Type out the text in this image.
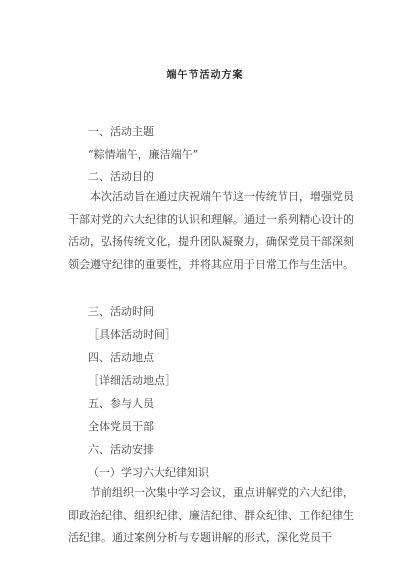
端午节活动方案
一、活动主题
“粽情端午，廉洁端午”
二、活动目的
本次活动旨在通过庆祝端午节这一传统节日，增强党员干部对党的六大纪律的认识和理解。通过一系列精心设计的活动，弘扬传统文化，提升团队凝聚力，确保党员干部深刻领会遵守纪律的重要性，并将其应用于日常工作与生活中。
三、活动时间
［具体活动时间］
四、活动地点
［详细活动地点］
五、参与人员
全体党员干部
六、活动安排
（一）学习六大纪律知识
节前组织一次集中学习会议，重点讲解党的六大纪律，即政治纪律、组织纪律、廉洁纪律、群众纪律、工作纪律生活纪律。通过案例分析与专题讲解的形式，深化党员干
